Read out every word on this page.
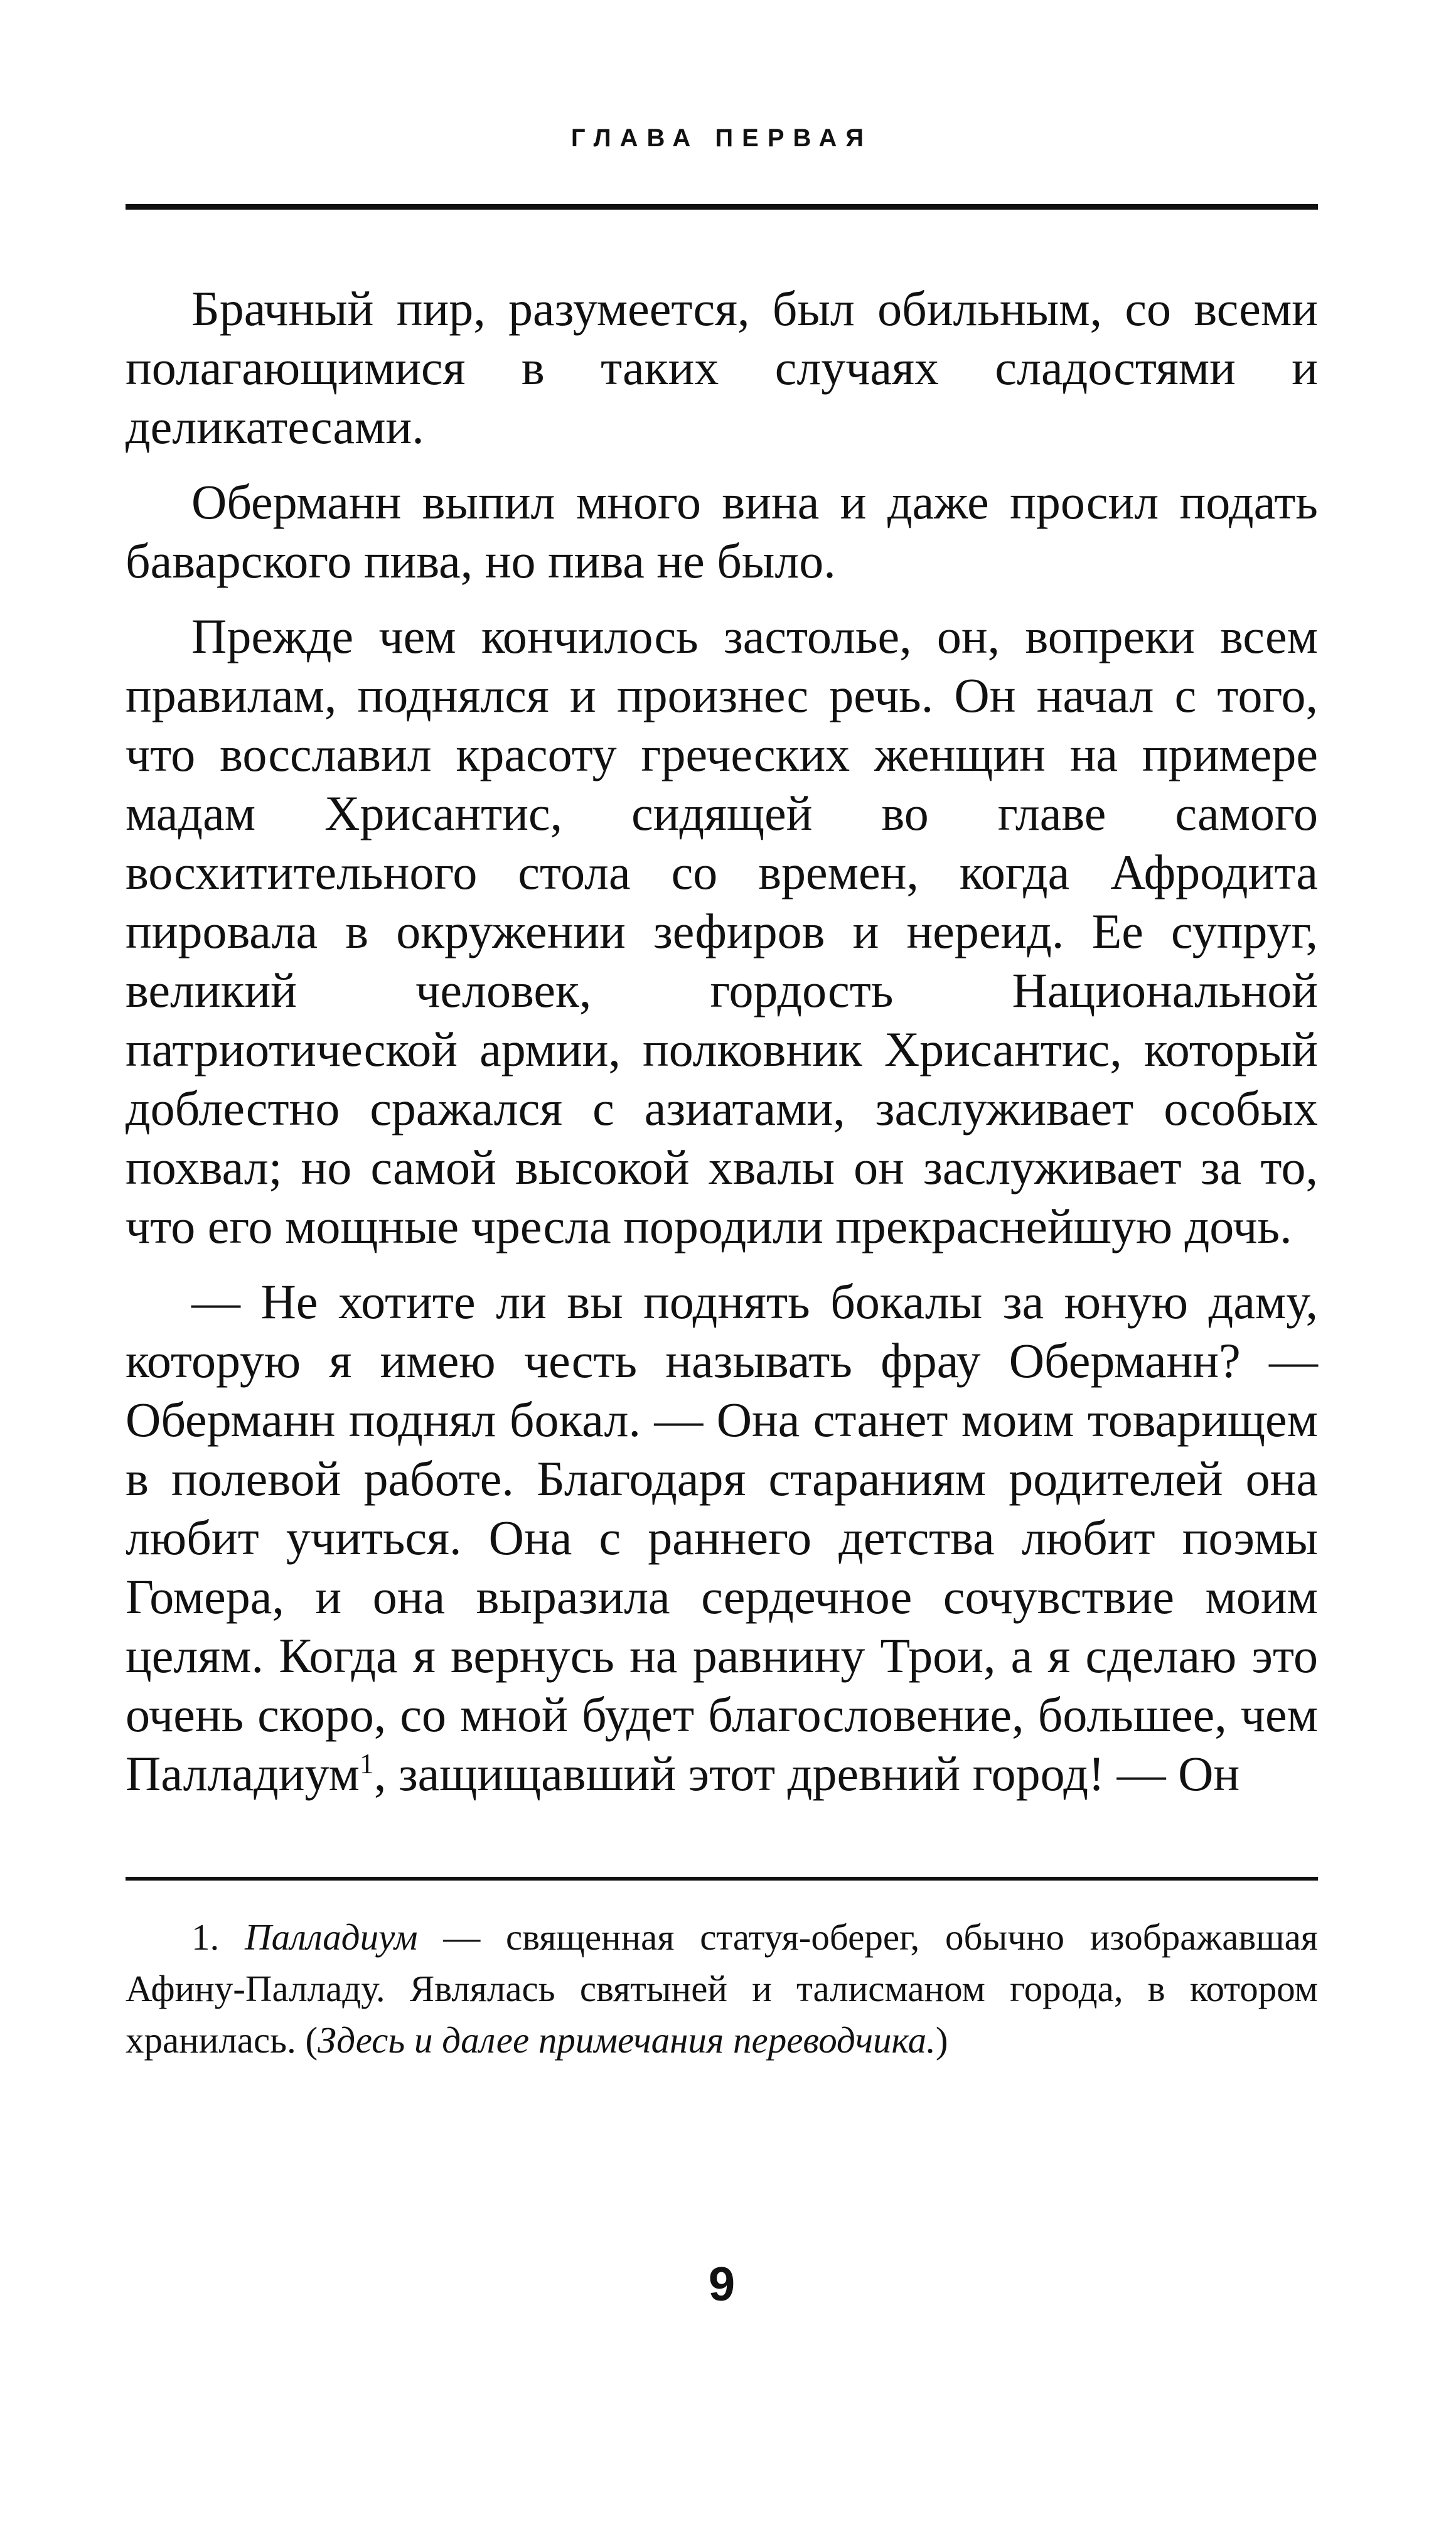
ГЛАВА ПЕРВАЯ

Брачный пир, разумеется, был обильным, со всеми полагающимися в таких случаях сладостями и деликатесами.

Оберманн выпил много вина и даже просил подать баварского пива, но пива не было.

Прежде чем кончилось застолье, он, вопреки всем правилам, поднялся и произнес речь. Он начал с того, что восславил красоту греческих женщин на примере мадам Хрисантис, сидящей во главе самого восхитительного стола со времен, когда Афродита пировала в окружении зефиров и нереид. Ее супруг, великий человек, гордость Национальной патриотической армии, полковник Хрисантис, который доблестно сражался с азиатами, заслуживает особых похвал; но самой высокой хвалы он заслуживает за то, что его мощные чресла породили прекраснейшую дочь.

— Не хотите ли вы поднять бокалы за юную даму, которую я имею честь называть фрау Оберманн? — Оберманн поднял бокал. — Она станет моим товарищем в полевой работе. Благодаря стараниям родителей она любит учиться. Она с раннего детства любит поэмы Гомера, и она выразила сердечное сочувствие моим целям. Когда я вернусь на равнину Трои, а я сделаю это очень скоро, со мной будет благословение, большее, чем Палладиум$^1$, защищавший этот древний город! — Он

1. Палладиум — священная статуя-оберег, обычно изображавшая Афину-Палладу. Являлась святыней и талисманом города, в котором хранилась. (Здесь и далее примечания переводчика.)

9
